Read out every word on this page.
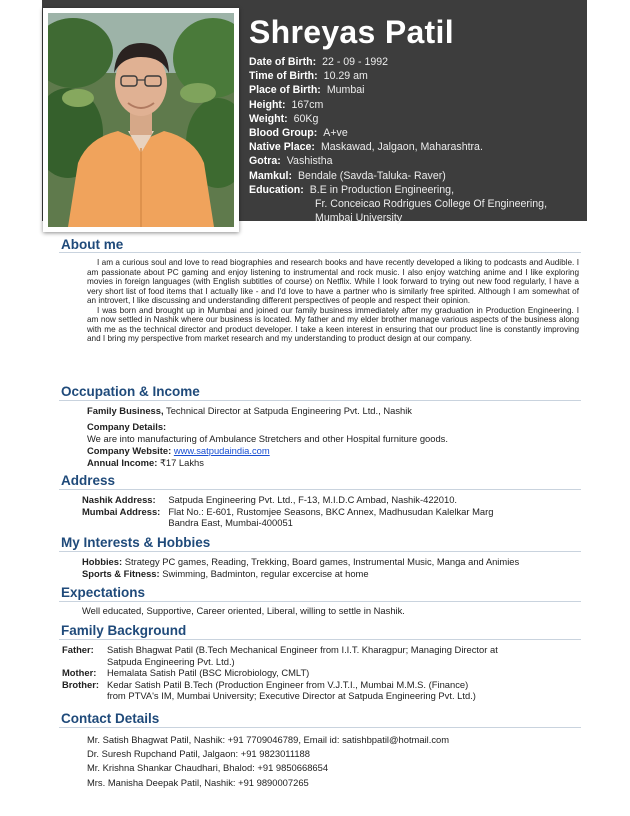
Shreyas Patil
Date of Birth: 22 - 09 - 1992
Time of Birth: 10.29 am
Place of Birth: Mumbai
Height: 167cm
Weight: 60Kg
Blood Group: A+ve
Native Place: Maskawad, Jalgaon, Maharashtra.
Gotra: Vashistha
Mamkul: Bendale (Savda-Taluka- Raver)
Education: B.E in Production Engineering,
Fr. Conceicao Rodrigues College Of Engineering,
Mumbai University
About me

I am a curious soul and love to read biographies and research books and have recently developed a liking to podcasts and Audible. I am passionate about PC gaming and enjoy listening to instrumental and rock music. I also enjoy watching anime and I like exploring movies in foreign languages (with English subtitles of course) on Netflix. While I look forward to trying out new food regularly, I have a very short list of food items that I actually like - and I'd love to have a partner who is similarly free spirited. Although I am somewhat of an introvert, I like discussing and understanding different perspectives of people and respect their opinion.

I was born and brought up in Mumbai and joined our family business immediately after my graduation in Production Engineering. I am now settled in Nashik where our business is located. My father and my elder brother manage various aspects of the business along with me as the technical director and product developer. I take a keen interest in ensuring that our product line is constantly improving and I bring my perspective from market research and my understanding to product design at our company.

Occupation & Income
Family Business, Technical Director at Satpuda Engineering Pvt. Ltd., Nashik
Company Details:
We are into manufacturing of Ambulance Stretchers and other Hospital furniture goods.
Company Website: www.satpudaindia.com
Annual Income: ₹17 Lakhs
Address
Nashik Address:	Satpuda Engineering Pvt. Ltd., F-13, M.I.D.C Ambad, Nashik-422010.
Mumbai Address: Flat No.: E-601, Rustomjee Seasons, BKC Annex, Madhusudan Kalelkar Marg
Bandra East, Mumbai-400051
My Interests & Hobbies
Hobbies: Strategy PC games, Reading, Trekking, Board games, Instrumental Music, Manga and Animies
Sports & Fitness: Swimming, Badminton, regular excercise at home
Expectations
Well educated, Supportive, Career oriented, Liberal, willing to settle in Nashik.
Family Background
Father:	Satish Bhagwat Patil (B.Tech Mechanical Engineer from I.I.T. Kharagpur; Managing Director at
Satpuda Engineering Pvt. Ltd.)
Mother: Hemalata Satish Patil (BSC Microbiology, CMLT)
Brother: Kedar Satish Patil B.Tech (Production Engineer from V.J.T.I., Mumbai M.M.S. (Finance)
from PTVA's IM, Mumbai University; Executive Director at Satpuda Engineering Pvt. Ltd.)
Contact Details
Mr. Satish Bhagwat Patil, Nashik: +91 7709046789, Email id: satishbpatil@hotmail.com
Dr. Suresh Rupchand Patil, Jalgaon: +91 9823011188
Mr. Krishna Shankar Chaudhari, Bhalod: +91 9850668654
Mrs. Manisha Deepak Patil, Nashik: +91 9890007265
